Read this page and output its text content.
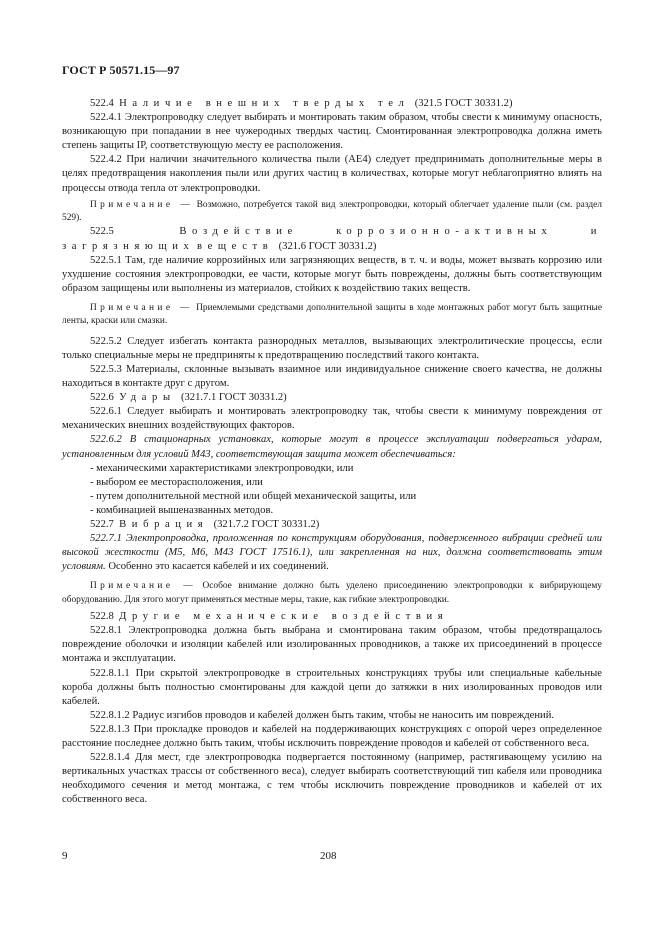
ГОСТ Р 50571.15—97

522.4 Наличие внешних твердых тел (321.5 ГОСТ 30331.2)

522.4.1 Электропроводку следует выбирать и монтировать таким образом, чтобы свести к минимуму опасность, возникающую при попадании в нее чужеродных твердых частиц. Смонтированная электропроводка должна иметь степень защиты IP, соответствующую месту ее расположения.

522.4.2 При наличии значительного количества пыли (АЕ4) следует предпринимать дополнительные меры в целях предотвращения накопления пыли или других частиц в количествах, которые могут неблагоприятно влиять на процессы отвода тепла от электропроводки.

Примечание — Возможно, потребуется такой вид электропроводки, который облегчает удаление пыли (см. раздел 529).

522.5	Воздействие коррозионно-активных и загрязняющих веществ (321.6 ГОСТ 30331.2)

522.5.1 Там, где наличие коррозийных или загрязняющих веществ, в т. ч. и воды, может вызвать коррозию или ухудшение состояния электропроводки, ее части, которые могут быть повреждены, должны быть соответствующим образом защищены или выполнены из материалов, стойких к воздействию таких веществ.

Примечание — Приемлемыми средствами дополнительной защиты в ходе монтажных работ могут быть защитные ленты, краски или смазки.

522.5.2 Следует избегать контакта разнородных металлов, вызывающих электролитические процессы, если только специальные меры не предприняты к предотвращению последствий такого контакта.

522.5.3 Материалы, склонные вызывать взаимное или индивидуальное снижение своего качества, не должны находиться в контакте друг с другом.

522.6 Удары (321.7.1 ГОСТ 30331.2)

522.6.1 Следует выбирать и монтировать электропроводку так, чтобы свести к минимуму повреждения от механических внешних воздействующих факторов.

522.6.2 В стационарных установках, которые могут в процессе эксплуатации подвергаться ударам, установленным для условий М43, соответствующая защита может обеспечиваться:

- механическими характеристиками электропроводки, или

- выбором ее месторасположения, или

- путем дополнительной местной или общей механической защиты, или

- комбинацией вышеназванных методов.

522.7 Вибрация (321.7.2 ГОСТ 30331.2)

522.7.1 Электропроводка, проложенная по конструкциям оборудования, подверженного вибрации средней или высокой жесткости (М5, М6, М43 ГОСТ 17516.1), или закрепленная на них, должна соответствовать этим условиям. Особенно это касается кабелей и их соединений.

Примечание — Особое внимание должно быть уделено присоединению электропроводки к вибрирующему оборудованию. Для этого могут применяться местные меры, такие, как гибкие электропроводки.

522.8 Другие механические воздействия

522.8.1 Электропроводка должна быть выбрана и смонтирована таким образом, чтобы предотвращалось повреждение оболочки и изоляции кабелей или изолированных проводников, а также их присоединений в процессе монтажа и эксплуатации.

522.8.1.1 При скрытой электропроводке в строительных конструкциях трубы или специальные кабельные короба должны быть полностью смонтированы для каждой цепи до затяжки в них изолированных проводов или кабелей.

522.8.1.2 Радиус изгибов проводов и кабелей должен быть таким, чтобы не наносить им повреждений.

522.8.1.3 При прокладке проводов и кабелей на поддерживающих конструкциях с опорой через определенное расстояние последнее должно быть таким, чтобы исключить повреждение проводов и кабелей от собственного веса.

522.8.1.4 Для мест, где электропроводка подвергается постоянному (например, растягивающему усилию на вертикальных участках трассы от собственного веса), следует выбирать соответствующий тип кабеля или проводника необходимого сечения и метод монтажа, с тем чтобы исключить повреждение проводников и кабелей от их собственного веса.

9	208
